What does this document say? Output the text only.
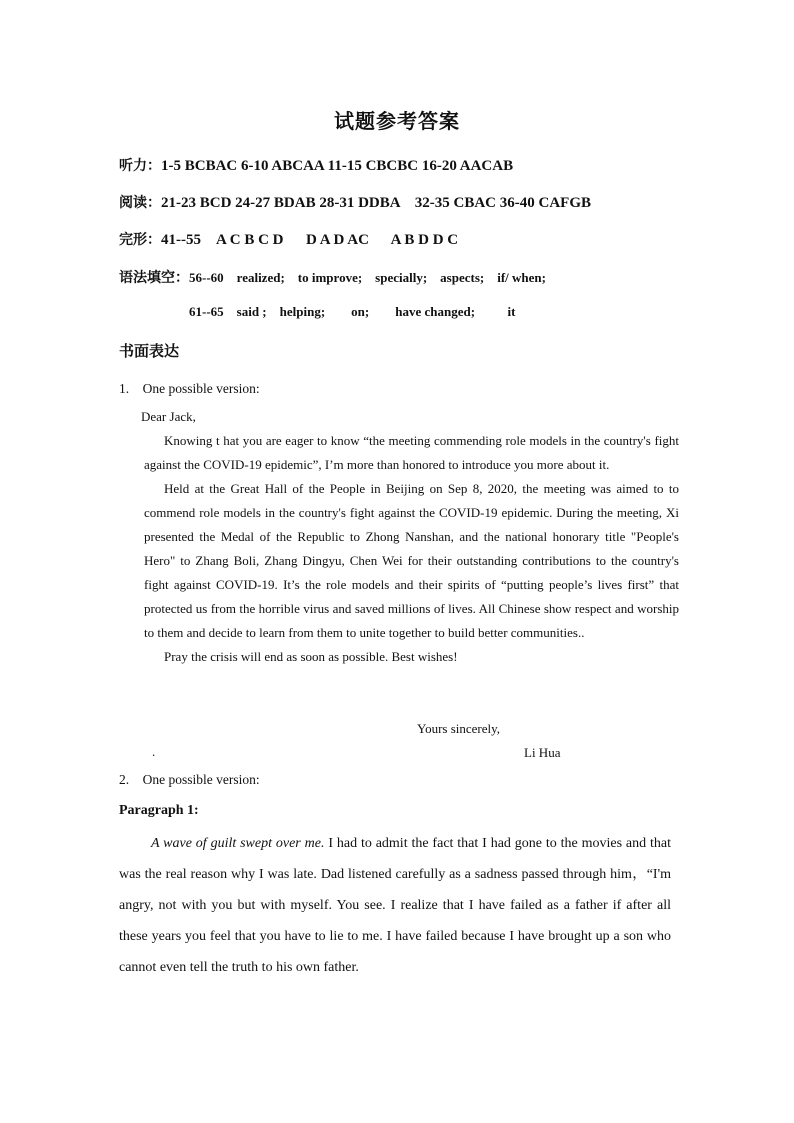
试题参考答案
听力：1-5 BCBAC 6-10 ABCAA 11-15 CBCBC 16-20 AACAB
阅读：21-23 BCD 24-27 BDAB 28-31 DDBA    32-35 CBAC 36-40 CAFGB
完形：41--55    A C B C D      D A D AC      A B D D C
语法填空：56--60    realized;    to improve;    specially;    aspects;    if/ when;
61--65    said ;    helping;        on;        have changed;          it
书面表达
1. One possible version:
Dear Jack,

Knowing t hat you are eager to know “the meeting commending role models in the country's fight against the COVID-19 epidemic”, I’m more than honored to introduce you more about it.

Held at the Great Hall of the People in Beijing on Sep 8, 2020, the meeting was aimed to to commend role models in the country's fight against the COVID-19 epidemic. During the meeting, Xi presented the Medal of the Republic to Zhong Nanshan, and the national honorary title "People's Hero" to Zhang Boli, Zhang Dingyu, Chen Wei for their outstanding contributions to the country's fight against COVID-19. It’s the role models and their spirits of “putting people’s lives first” that protected us from the horrible virus and saved millions of lives. All Chinese show respect and worship to them and decide to learn from them to unite together to build better communities..

Pray the crisis will end as soon as possible. Best wishes!

Yours sincerely,
.	Li Hua
2. One possible version:
Paragraph 1:

A wave of guilt swept over me. I had to admit the fact that I had gone to the movies and that was the real reason why I was late. Dad listened carefully as a sadness passed through him，“I'm angry, not with you but with myself. You see. I realize that I have failed as a father if after all these years you feel that you have to lie to me. I have failed because I have brought up a son who cannot even tell the truth to his own father.
